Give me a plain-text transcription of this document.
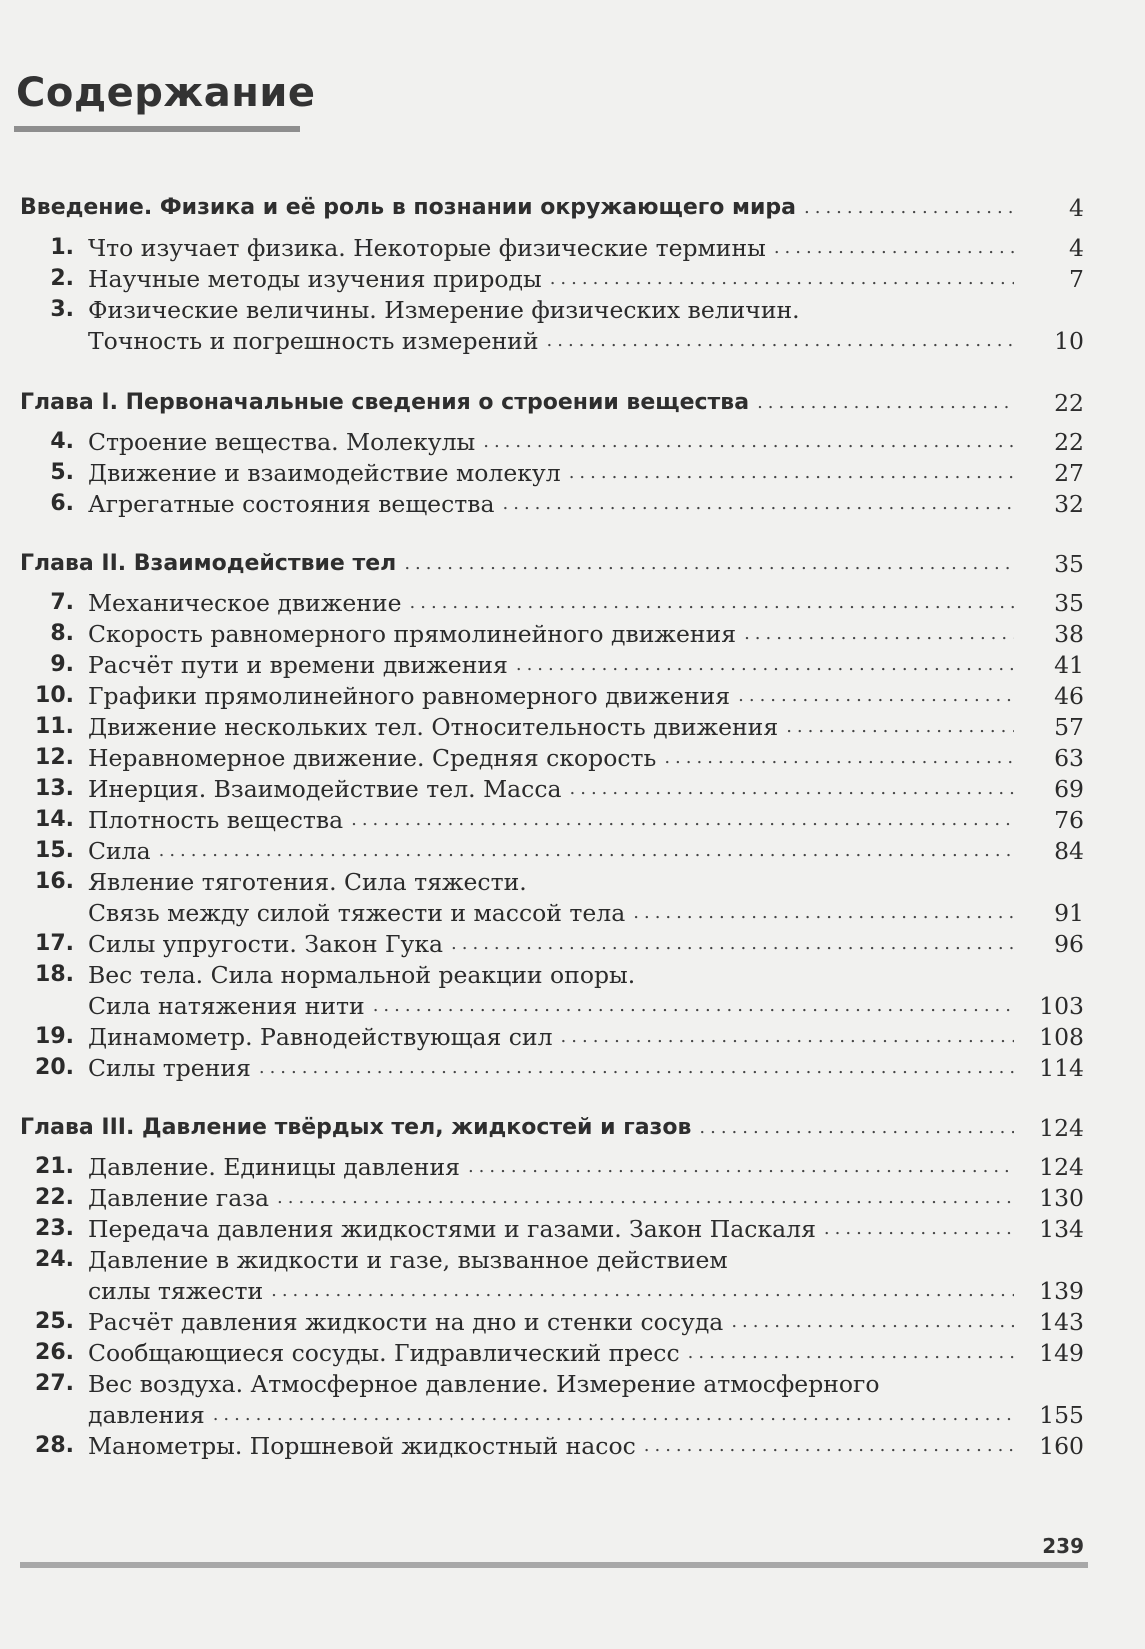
Содержание
Введение. Физика и её роль в познании окружающего мира .....	4
1. Что изучает физика. Некоторые физические термины .....	4
2. Научные методы изучения природы .....	7
3. Физические величины. Измерение физических величин.
Точность и погрешность измерений .....	10
Глава I. Первоначальные сведения о строении вещества .....	22
4. Строение вещества. Молекулы .....	22
5. Движение и взаимодействие молекул .....	27
6. Агрегатные состояния вещества .....	32
Глава II. Взаимодействие тел .....	35
7. Механическое движение .....	35
8. Скорость равномерного прямолинейного движения .....	38
9. Расчёт пути и времени движения .....	41
10. Графики прямолинейного равномерного движения .....	46
11. Движение нескольких тел. Относительность движения .....	57
12. Неравномерное движение. Средняя скорость .....	63
13. Инерция. Взаимодействие тел. Масса .....	69
14. Плотность вещества .....	76
15. Сила .....	84
16. Явление тяготения. Сила тяжести.
Связь между силой тяжести и массой тела .....	91
17. Силы упругости. Закон Гука .....	96
18. Вес тела. Сила нормальной реакции опоры.
Сила натяжения нити .....	103
19. Динамометр. Равнодействующая сил .....	108
20. Силы трения .....	114
Глава III. Давление твёрдых тел, жидкостей и газов .....	124
21. Давление. Единицы давления .....	124
22. Давление газа .....	130
23. Передача давления жидкостями и газами. Закон Паскаля .....	134
24. Давление в жидкости и газе, вызванное действием
силы тяжести .....	139
25. Расчёт давления жидкости на дно и стенки сосуда .....	143
26. Сообщающиеся сосуды. Гидравлический пресс .....	149
27. Вес воздуха. Атмосферное давление. Измерение атмосферного
давления .....	155
28. Манометры. Поршневой жидкостный насос .....	160
239
